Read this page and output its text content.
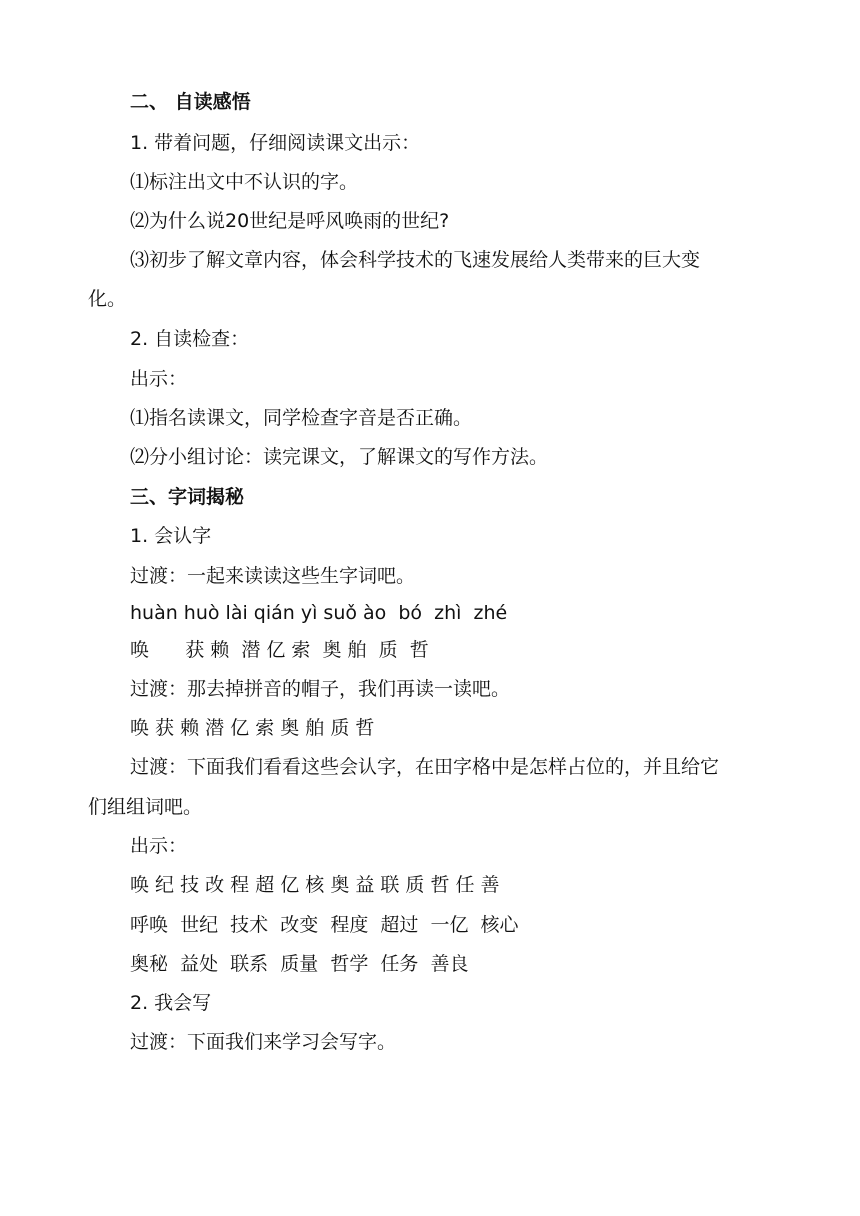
二、 自读感悟
1. 带着问题，仔细阅读课文出示：
⑴标注出文中不认识的字。
⑵为什么说20世纪是呼风唤雨的世纪?
⑶初步了解文章内容，体会科学技术的飞速发展给人类带来的巨大变
化。
2. 自读检查：
出示：
⑴指名读课文，同学检查字音是否正确。
⑵分小组讨论：读完课文，了解课文的写作方法。
三、字词揭秘
1. 会认字
过渡：一起来读读这些生字词吧。
huàn huò lài qián yì suǒ ào  bó  zhì  zhé
唤      获 赖  潜 亿 索  奥 舶  质  哲
过渡：那去掉拼音的帽子，我们再读一读吧。
唤 获 赖 潜 亿 索 奥 舶 质 哲
过渡：下面我们看看这些会认字，在田字格中是怎样占位的，并且给它
们组组词吧。
出示：
唤 纪 技 改 程 超 亿 核 奥 益 联 质 哲 任 善
呼唤  世纪  技术  改变  程度  超过  一亿  核心
奥秘  益处  联系  质量  哲学  任务  善良
2. 我会写
过渡：下面我们来学习会写字。
